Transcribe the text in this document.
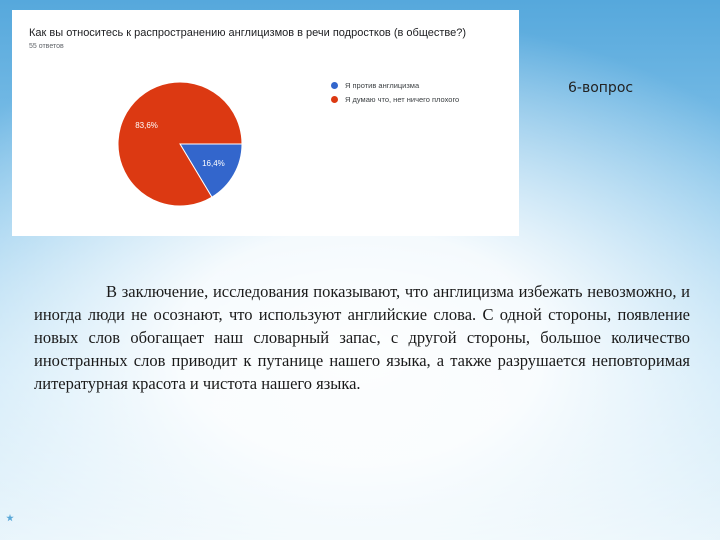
Как вы относитесь к распространению англицизмов в речи подростков (в обществе?)
55 ответов
16,4%
83,6%
Я против англицизма
Я думаю что, нет ничего плохого
6-вопрос

В заключение, исследования показывают, что англицизма избежать невозможно, и иногда люди не осознают, что используют английские слова. С одной стороны, появление новых слов обогащает наш словарный запас, с другой стороны, большое количество иностранных слов приводит к путанице нашего языка, а также разрушается неповторимая литературная красота и чистота нашего языка.
